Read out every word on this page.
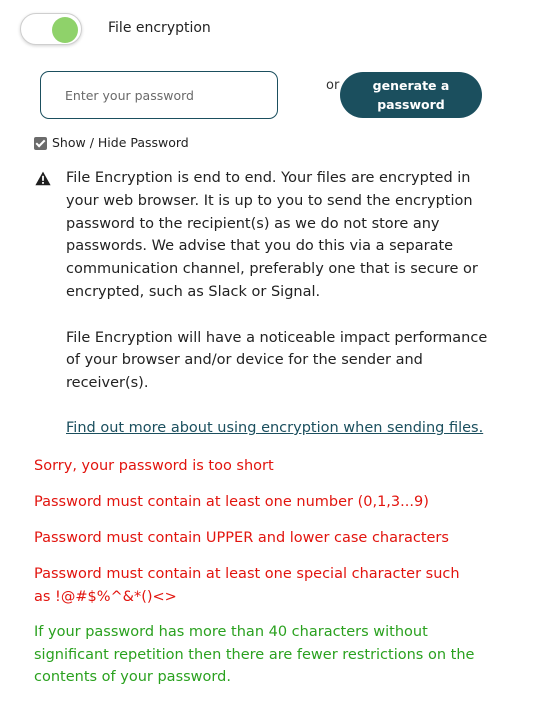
File encryption
Enter your password
or	generate a password
Show / Hide Password

File Encryption is end to end. Your files are encrypted in your web browser. It is up to you to send the encryption password to the recipient(s) as we do not store any passwords. We advise that you do this via a separate communication channel, preferably one that is secure or encrypted, such as Slack or Signal.

File Encryption will have a noticeable impact performance of your browser and/or device for the sender and receiver(s).

Find out more about using encryption when sending files.
Sorry, your password is too short
Password must contain at least one number (0,1,3...9)
Password must contain UPPER and lower case characters
Password must contain at least one special character such as !@#$%^&*()<>
If your password has more than 40 characters without significant repetition then there are fewer restrictions on the contents of your password.
